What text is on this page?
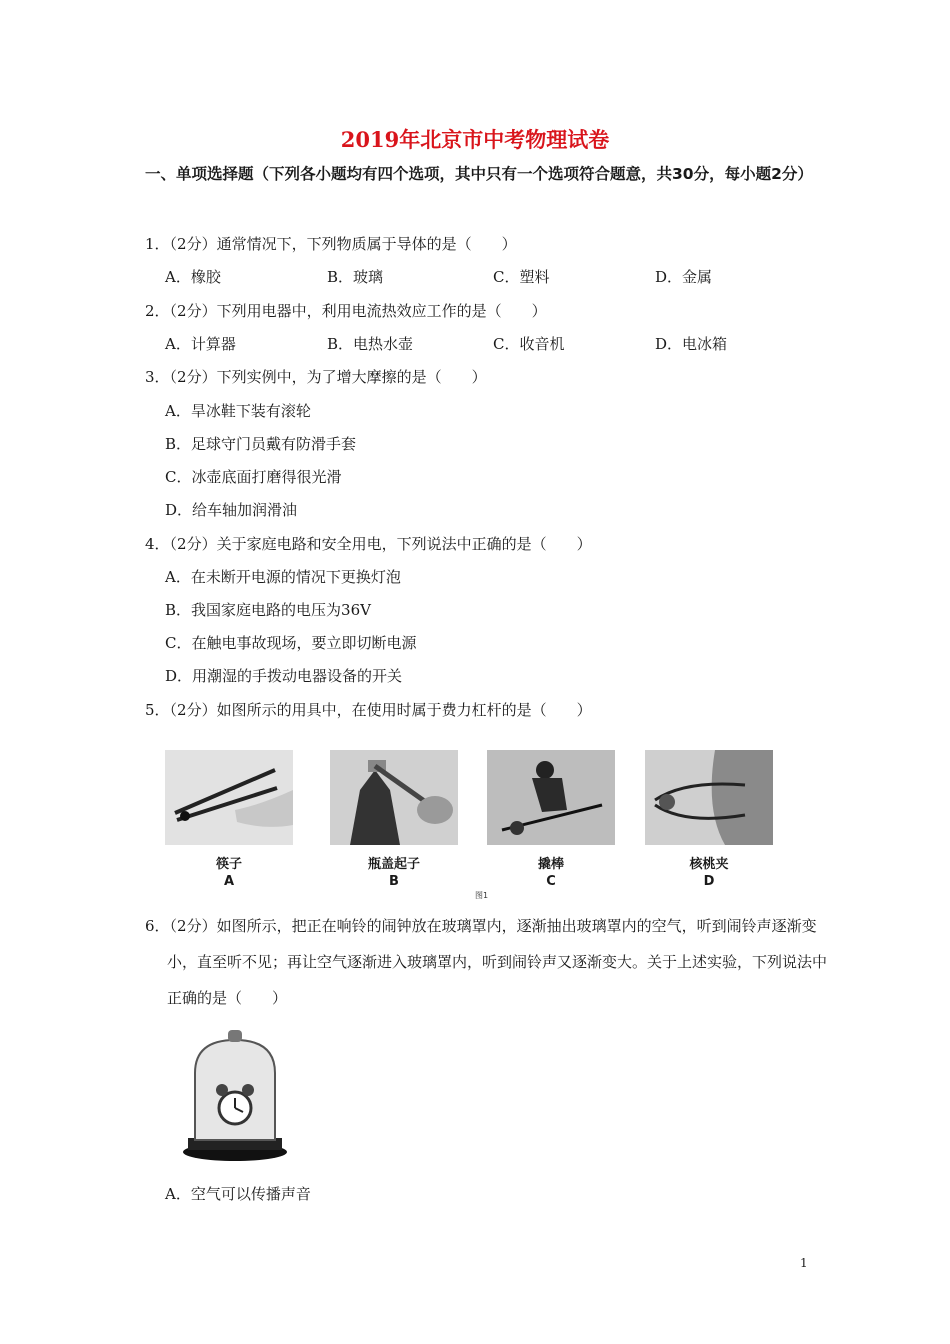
2019年北京市中考物理试卷
一、单项选择题（下列各小题均有四个选项，其中只有一个选项符合题意，共30分，每小题2分）
1．（2分）通常情况下，下列物质属于导体的是（　　）
A．橡胶	B．玻璃	C．塑料	D．金属
2．（2分）下列用电器中，利用电流热效应工作的是（　　）
A．计算器	B．电热水壶	C．收音机	D．电冰箱
3．（2分）下列实例中，为了增大摩擦的是（　　）
A．旱冰鞋下装有滚轮
B．足球守门员戴有防滑手套
C．冰壶底面打磨得很光滑
D．给车轴加润滑油
4．（2分）关于家庭电路和安全用电，下列说法中正确的是（　　）
A．在未断开电源的情况下更换灯泡
B．我国家庭电路的电压为36V
C．在触电事故现场，要立即切断电源
D．用潮湿的手拨动电器设备的开关
5．（2分）如图所示的用具中，在使用时属于费力杠杆的是（　　）
筷子	瓶盖起子	撬棒	核桃夹
A	B	C	D
图1
6．（2分）如图所示，把正在响铃的闹钟放在玻璃罩内，逐渐抽出玻璃罩内的空气，听到闹铃声逐渐变小，直至听不见；再让空气逐渐进入玻璃罩内，听到闹铃声又逐渐变大。关于上述实验，下列说法中正确的是（　　）
A．空气可以传播声音
1
